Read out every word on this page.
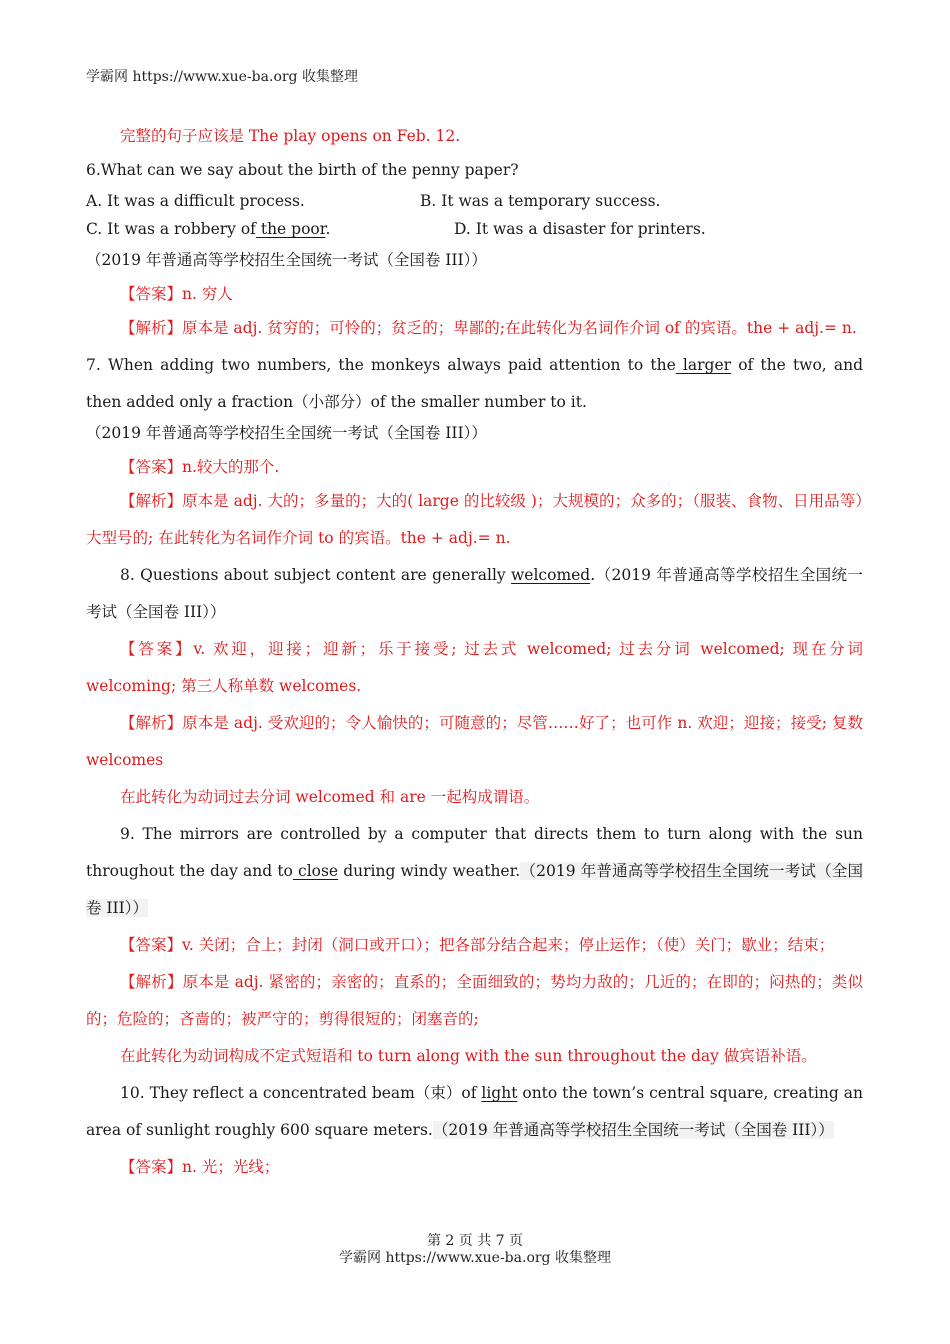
学霸网 https://www.xue-ba.org 收集整理

完整的句子应该是 The play opens on Feb. 12.

6.What can we say about the birth of the penny paper?

A. It was a difficult process.	B. It was a temporary success.
C. It was a robbery of the poor.	D. It was a disaster for printers.

（2019 年普通高等学校招生全国统一考试（全国卷 III））

【答案】n. 穷人

【解析】原本是 adj. 贫穷的；可怜的；贫乏的；卑鄙的;在此转化为名词作介词 of 的宾语。the + adj.= n.

7. When adding two numbers, the monkeys always paid attention to the larger of the two, and then added only a fraction（小部分）of the smaller number to it.

（2019 年普通高等学校招生全国统一考试（全国卷 III））

【答案】n.较大的那个.

【解析】原本是 adj. 大的；多量的；大的( large 的比较级 )；大规模的；众多的；（服装、食物、日用品等）大型号的; 在此转化为名词作介词 to 的宾语。the + adj.= n.

8. Questions about subject content are generally welcomed.（2019 年普通高等学校招生全国统一考试（全国卷 III））

【答案】v. 欢迎，迎接；迎新；乐于接受; 过去式 welcomed; 过去分词 welcomed; 现在分词 welcoming; 第三人称单数 welcomes.

【解析】原本是 adj. 受欢迎的；令人愉快的；可随意的；尽管……好了；也可作 n. 欢迎；迎接；接受; 复数 welcomes

在此转化为动词过去分词 welcomed 和 are 一起构成谓语。

9. The mirrors are controlled by a computer that directs them to turn along with the sun throughout the day and to close during windy weather.（2019 年普通高等学校招生全国统一考试（全国卷 III））

【答案】v. 关闭；合上；封闭（洞口或开口）；把各部分结合起来；停止运作；（使）关门；歇业；结束；

【解析】原本是 adj. 紧密的；亲密的；直系的；全面细致的；势均力敌的；几近的；在即的；闷热的；类似的；危险的；吝啬的；被严守的；剪得很短的；闭塞音的;

在此转化为动词构成不定式短语和 to turn along with the sun throughout the day 做宾语补语。

10. They reflect a concentrated beam（束）of light onto the town’s central square, creating an area of sunlight roughly 600 square meters.（2019 年普通高等学校招生全国统一考试（全国卷 III））

【答案】n. 光；光线；

第 2 页 共 7 页
学霸网 https://www.xue-ba.org 收集整理
